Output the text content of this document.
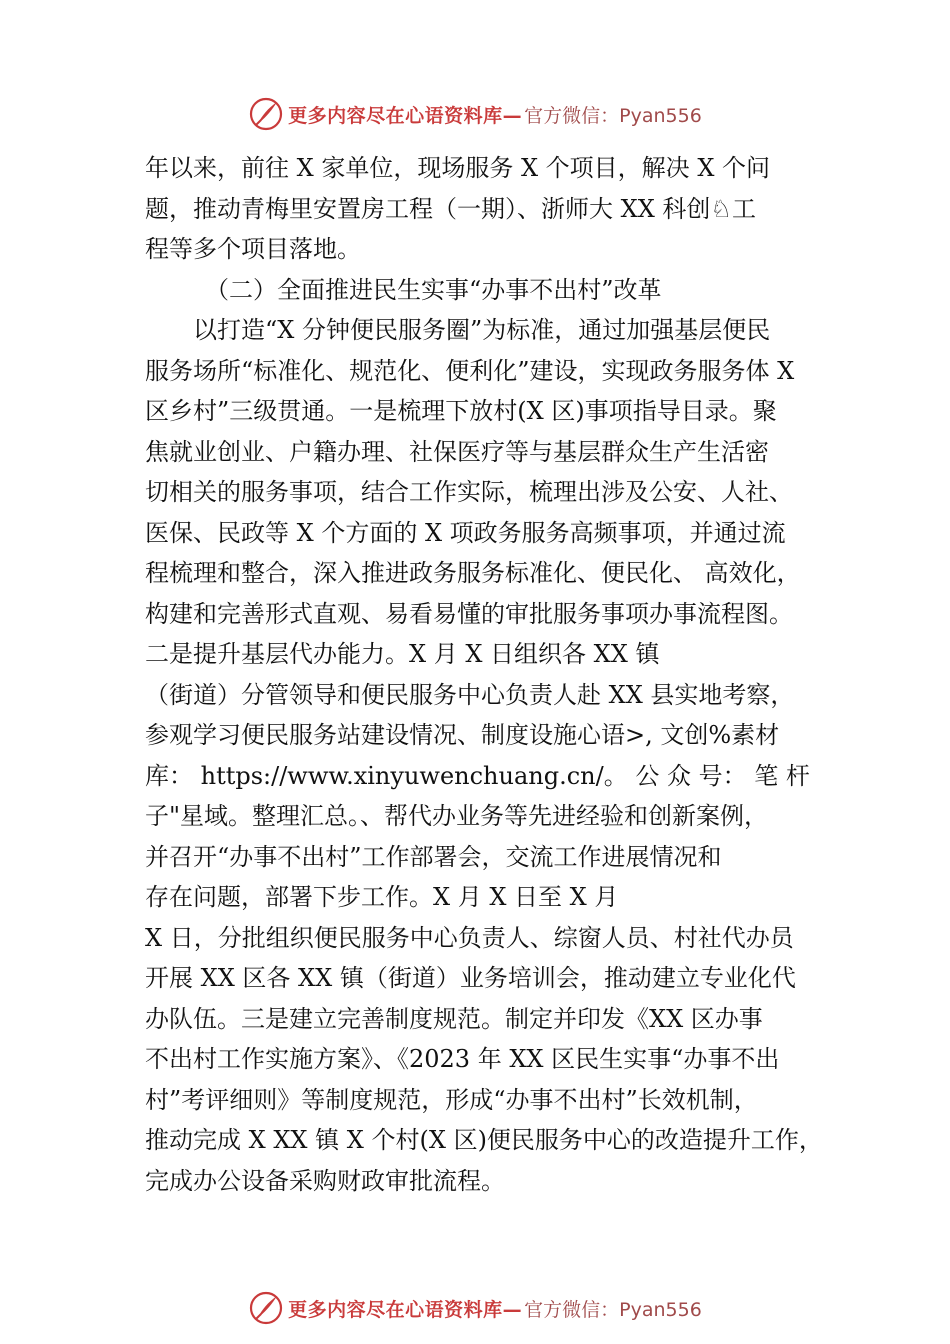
更多内容尽在心语资料库— 官方微信：Pyan556
年以来，前往 X 家单位，现场服务 X 个项目，解决 X 个问
题，推动青梅里安置房工程（一期）、浙师大 XX 科创♘工
程等多个项目落地。
（二）全面推进民生实事“办事不出村”改革
以打造“X 分钟便民服务圈”为标准，通过加强基层便民
服务场所“标准化、规范化、便利化”建设，实现政务服务体 X
区乡村”三级贯通。一是梳理下放村(X 区)事项指导目录。聚
焦就业创业、户籍办理、社保医疗等与基层群众生产生活密
切相关的服务事项，结合工作实际，梳理出涉及公安、人社、
医保、民政等 X 个方面的 X 项政务服务高频事项，并通过流
程梳理和整合，深入推进政务服务标准化、便民化、 高效化，
构建和完善形式直观、易看易懂的审批服务事项办事流程图。
二是提升基层代办能力。X 月 X 日组织各 XX 镇
（街道）分管领导和便民服务中心负责人赴 XX 县实地考察，
参观学习便民服务站建设情况、制度设施心语>, 文创%素材
库： https://www.xinyuwenchuang.cn/。 公 众 号： 笔 杆
子"星域。整理汇总。、帮代办业务等先进经验和创新案例，
并召开“办事不出村”工作部署会，交流工作进展情况和
存在问题，部署下步工作。X 月 X 日至 X 月
X 日，分批组织便民服务中心负责人、综窗人员、村社代办员
开展 XX 区各 XX 镇（街道）业务培训会，推动建立专业化代
办队伍。三是建立完善制度规范。制定并印发《XX 区办事
不出村工作实施方案》、《2023 年 XX 区民生实事“办事不出
村”考评细则》等制度规范，形成“办事不出村”长效机制，
推动完成 X XX 镇 X 个村(X 区)便民服务中心的改造提升工作，
完成办公设备采购财政审批流程。
更多内容尽在心语资料库— 官方微信：Pyan556
